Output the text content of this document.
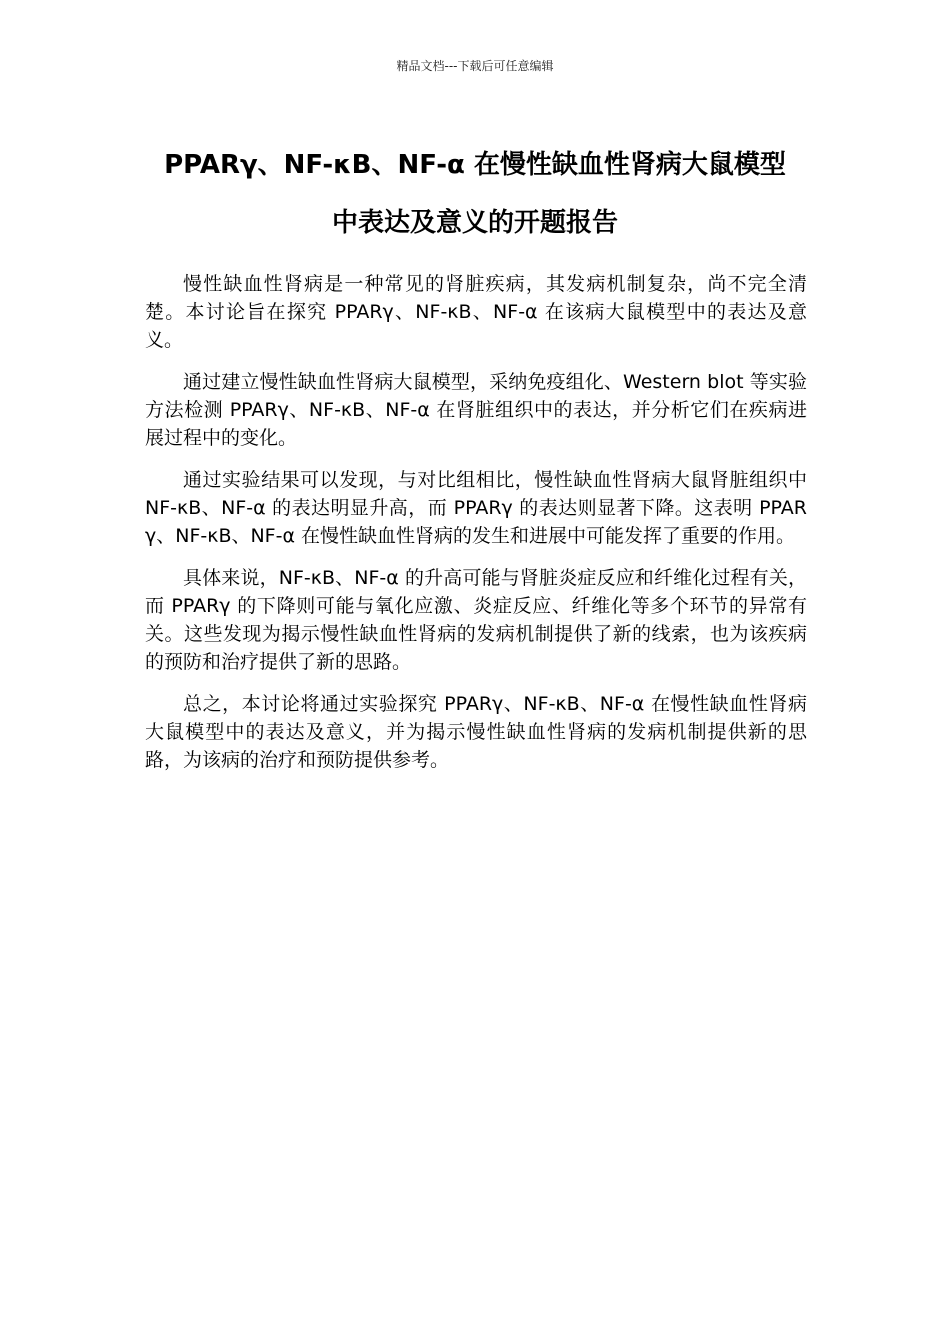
精品文档---下载后可任意编辑
PPARγ、NF-κB、NF-α 在慢性缺血性肾病大鼠模型
中表达及意义的开题报告

慢性缺血性肾病是一种常见的肾脏疾病，其发病机制复杂，尚不完全清楚。本讨论旨在探究 PPARγ、NF-κB、NF-α 在该病大鼠模型中的表达及意义。

通过建立慢性缺血性肾病大鼠模型，采纳免疫组化、Western blot 等实验方法检测 PPARγ、NF-κB、NF-α 在肾脏组织中的表达，并分析它们在疾病进展过程中的变化。

通过实验结果可以发现，与对比组相比，慢性缺血性肾病大鼠肾脏组织中 NF-κB、NF-α 的表达明显升高，而 PPARγ 的表达则显著下降。这表明 PPARγ、NF-κB、NF-α 在慢性缺血性肾病的发生和进展中可能发挥了重要的作用。

具体来说，NF-κB、NF-α 的升高可能与肾脏炎症反应和纤维化过程有关，而 PPARγ 的下降则可能与氧化应激、炎症反应、纤维化等多个环节的异常有关。这些发现为揭示慢性缺血性肾病的发病机制提供了新的线索，也为该疾病的预防和治疗提供了新的思路。

总之，本讨论将通过实验探究 PPARγ、NF-κB、NF-α 在慢性缺血性肾病大鼠模型中的表达及意义，并为揭示慢性缺血性肾病的发病机制提供新的思路，为该病的治疗和预防提供参考。
